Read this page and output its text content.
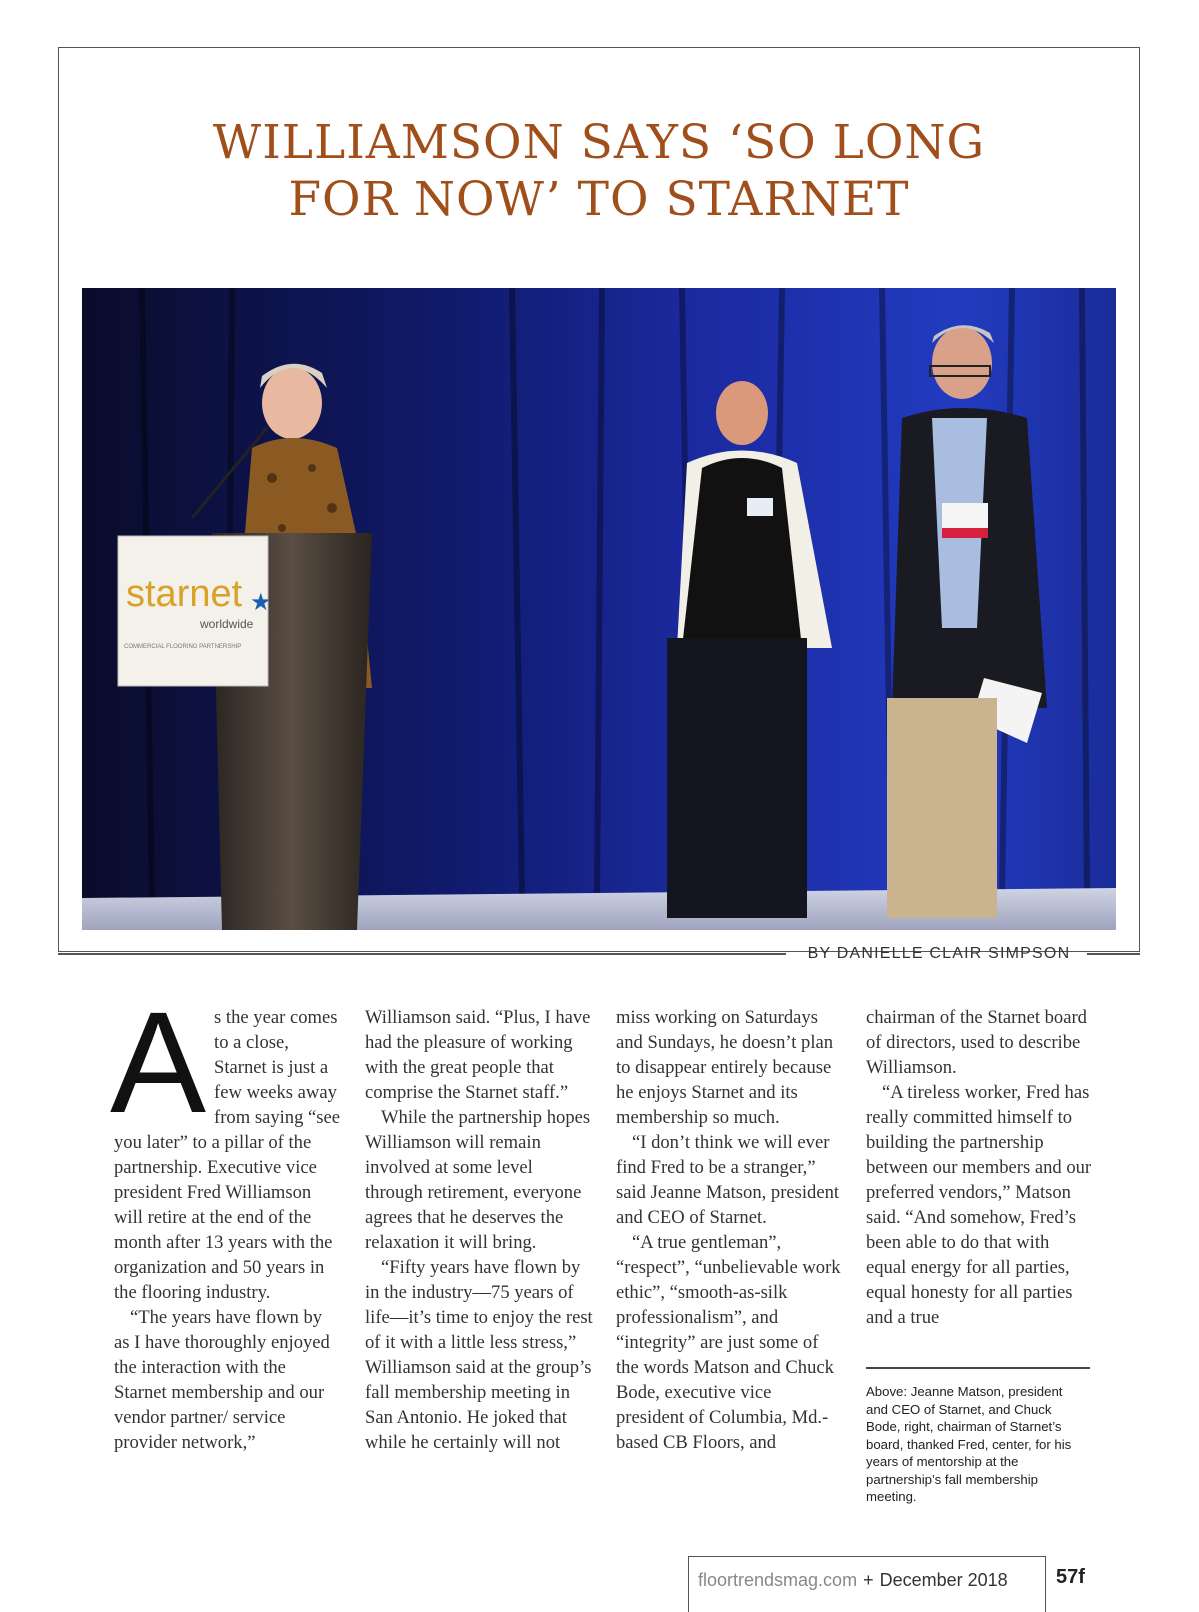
WILLIAMSON SAYS ‘SO LONG
FOR NOW’ TO STARNET
starnet ★
worldwide
COMMERCIAL FLOORING PARTNERSHIP
BY DANIELLE CLAIR SIMPSON
A s the year comes to a close, Starnet is just a few weeks away from saying “see you later” to a pillar of the partnership. Executive vice president Fred Williamson will retire at the end of the month after 13 years with the organization and 50 years in the flooring industry.

“The years have flown by as I have thoroughly enjoyed the interaction with the Starnet membership and our vendor partner/ service provider network,”

Williamson said. “Plus, I have had the pleasure of working with the great people that comprise the Starnet staff.”

While the partnership hopes Williamson will remain involved at some level through retirement, everyone agrees that he deserves the relaxation it will bring.

“Fifty years have flown by in the industry—75 years of life—it’s time to enjoy the rest of it with a little less stress,” Williamson said at the group’s fall membership meeting in San Antonio. He joked that while he certainly will not

miss working on Saturdays and Sundays, he doesn’t plan to disappear entirely because he enjoys Starnet and its membership so much.

“I don’t think we will ever find Fred to be a stranger,” said Jeanne Matson, president and CEO of Starnet.

“A true gentleman”, “respect”, “unbelievable work ethic”, “smooth-as-silk professionalism”, and “integrity” are just some of the words Matson and Chuck Bode, executive vice president of Columbia, Md.-based CB Floors, and

chairman of the Starnet board of directors, used to describe Williamson.

“A tireless worker, Fred has really committed himself to building the partnership between our members and our preferred vendors,” Matson said. “And somehow, Fred’s been able to do that with equal energy for all parties, equal honesty for all parties and a true

Above: Jeanne Matson, president and CEO of Starnet, and Chuck Bode, right, chairman of Starnet’s board, thanked Fred, center, for his years of mentorship at the partnership’s fall membership meeting.
floortrendsmag.com + December 2018	57f
